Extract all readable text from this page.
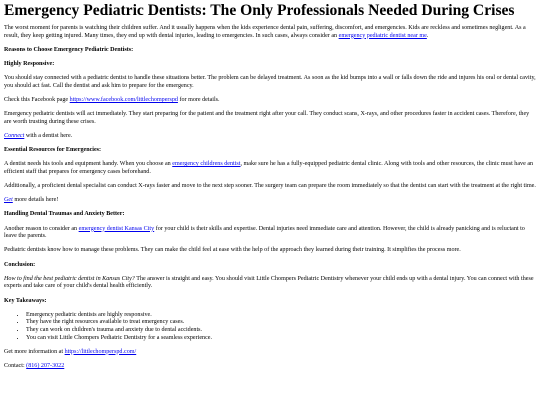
Emergency Pediatric Dentists: The Only Professionals Needed During Crises

The worst moment for parents is watching their children suffer. And it usually happens when the kids experience dental pain, suffering, discomfort, and emergencies. Kids are reckless and sometimes negligent. As a result, they keep getting injured. Many times, they end up with dental injuries, leading to emergencies. In such cases, always consider an emergency pediatric dentist near me.

Reasons to Choose Emergency Pediatric Dentists:

Highly Responsive:

You should stay connected with a pediatric dentist to handle these situations better. The problem can be delayed treatment. As soon as the kid bumps into a wall or falls down the ride and injures his oral or dental cavity, you should act fast. Call the dentist and ask him to prepare for the emergency.

Check this Facebook page https://www.facebook.com/littlechomperspd for more details.

Emergency pediatric dentists will act immediately. They start preparing for the patient and the treatment right after your call. They conduct scans, X-rays, and other procedures faster in accident cases. Therefore, they are worth trusting during these crises.

Connect with a dentist here.

Essential Resources for Emergencies:

A dentist needs his tools and equipment handy. When you choose an emergency childrens dentist, make sure he has a fully-equipped pediatric dental clinic. Along with tools and other resources, the clinic must have an efficient staff that prepares for emergency cases beforehand.

Additionally, a proficient dental specialist can conduct X-rays faster and move to the next step sooner. The surgery team can prepare the room immediately so that the dentist can start with the treatment at the right time.

Get more details here!

Handling Dental Traumas and Anxiety Better:

Another reason to consider an emergency dentist Kansas City for your child is their skills and expertise. Dental injuries need immediate care and attention. However, the child is already panicking and is reluctant to leave the parents.

Pediatric dentists know how to manage these problems. They can make the child feel at ease with the help of the approach they learned during their training. It simplifies the process more.

Conclusion:

How to find the best pediatric dentist in Kansas City? The answer is straight and easy. You should visit Little Chompers Pediatric Dentistry whenever your child ends up with a dental injury. You can connect with these experts and take care of your child's dental health efficiently.

Key Takeaways:

• Emergency pediatric dentists are highly responsive.
• They have the right resources available to treat emergency cases.
• They can work on children's trauma and anxiety due to dental accidents.
• You can visit Little Chompers Pediatric Dentistry for a seamless experience.

Get more information at https://littlechomperspd.com/

Contact: (816) 207-3022
